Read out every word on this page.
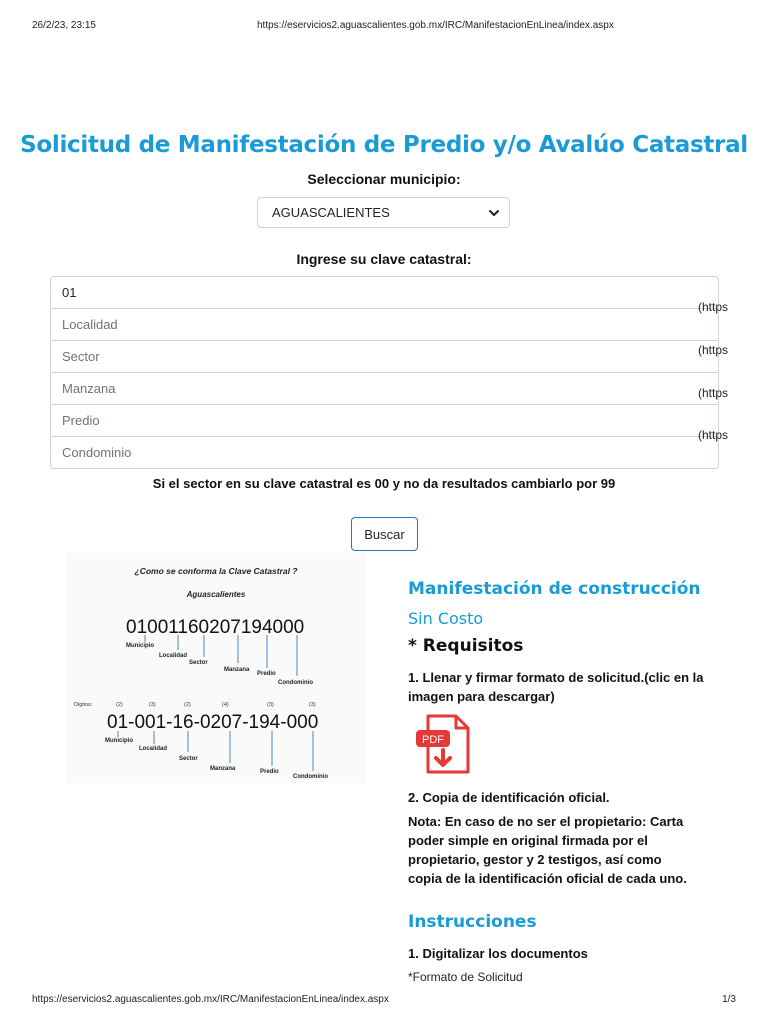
26/2/23, 23:15	https://eservicios2.aguascalientes.gob.mx/IRC/ManifestacionEnLinea/index.aspx
Solicitud de Manifestación de Predio y/o Avalúo Catastral
Seleccionar municipio:
AGUASCALIENTES
Ingrese su clave catastral:
01
Localidad
Sector
Manzana
Predio
Condominio
(https
(https
(https
(https
Si el sector en su clave catastral es 00 y no da resultados cambiarlo por 99
Buscar
¿Como se conforma la Clave Catastral ?
Aguascalientes
01001160207194000
Municipio
Localidad
Sector
Manzana
Predio
Condominio
Digitos:	(2)	(3)	(2)	(4)	(3)	(3)
01-001-16-0207-194-000
Municipio
Localidad
Sector
Manzana	Predio
Condominio
Manifestación de construcción
Sin Costo
* Requisitos
1. Llenar y firmar formato de solicitud.(clic en la imagen para descargar)
PDF
2. Copia de identificación oficial.
Nota: En caso de no ser el propietario: Carta poder simple en original firmada por el propietario, gestor y 2 testigos, así como copia de la identificación oficial de cada uno.
Instrucciones
1. Digitalizar los documentos
*Formato de Solicitud
https://eservicios2.aguascalientes.gob.mx/IRC/ManifestacionEnLinea/index.aspx	1/3
